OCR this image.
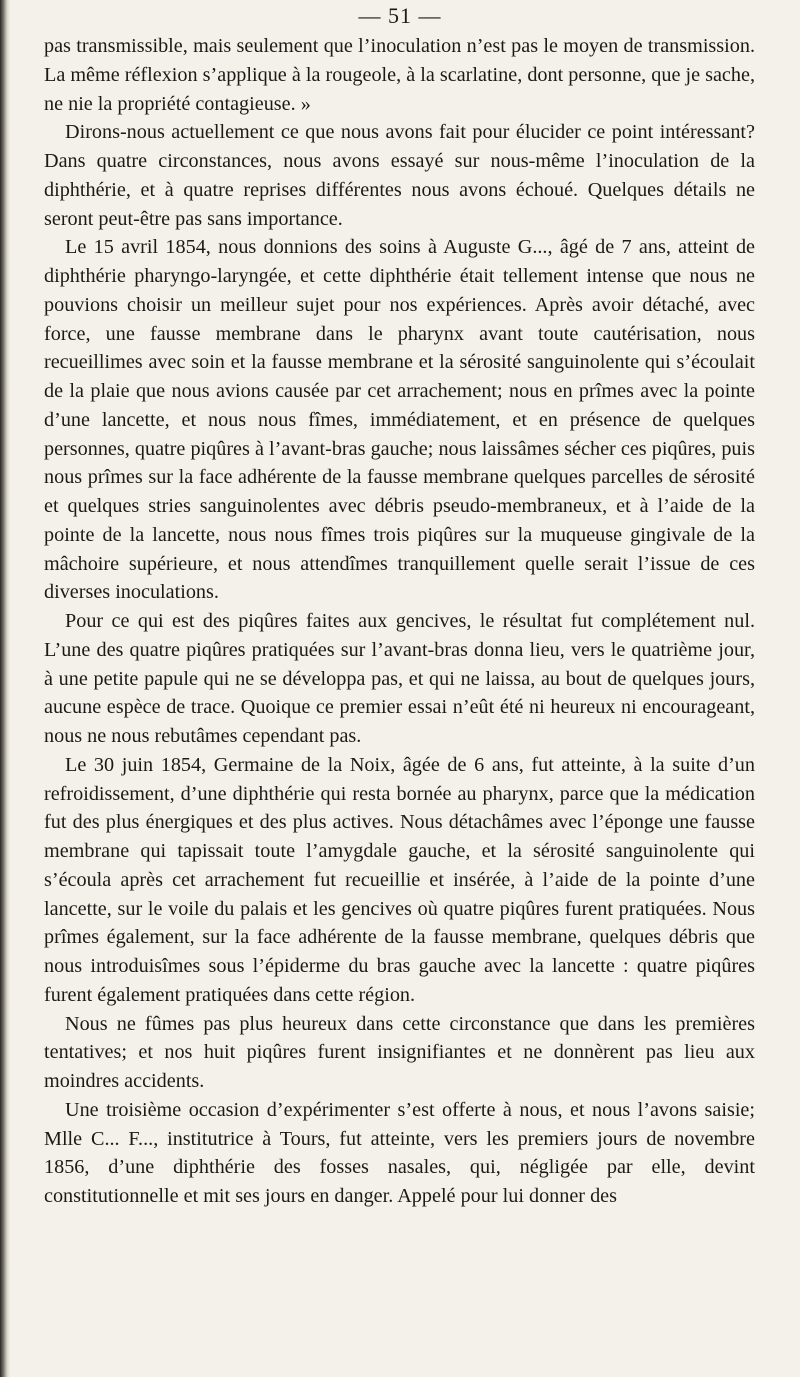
— 51 —

pas transmissible, mais seulement que l’inoculation n’est pas le moyen de transmission. La même réflexion s’applique à la rougeole, à la scarlatine, dont personne, que je sache, ne nie la propriété contagieuse. »

Dirons-nous actuellement ce que nous avons fait pour élucider ce point intéressant? Dans quatre circonstances, nous avons essayé sur nous-même l’inoculation de la diphthérie, et à quatre reprises différentes nous avons échoué. Quelques détails ne seront peut-être pas sans importance.

Le 15 avril 1854, nous donnions des soins à Auguste G..., âgé de 7 ans, atteint de diphthérie pharyngo-laryngée, et cette diphthérie était tellement intense que nous ne pouvions choisir un meilleur sujet pour nos expériences. Après avoir détaché, avec force, une fausse membrane dans le pharynx avant toute cautérisation, nous recueillimes avec soin et la fausse membrane et la sérosité sanguinolente qui s’écoulait de la plaie que nous avions causée par cet arrachement; nous en prîmes avec la pointe d’une lancette, et nous nous fîmes, immédiatement, et en présence de quelques personnes, quatre piqûres à l’avant-bras gauche; nous laissâmes sécher ces piqûres, puis nous prîmes sur la face adhérente de la fausse membrane quelques parcelles de sérosité et quelques stries sanguinolentes avec débris pseudo-membraneux, et à l’aide de la pointe de la lancette, nous nous fîmes trois piqûres sur la muqueuse gingivale de la mâchoire supérieure, et nous attendîmes tranquillement quelle serait l’issue de ces diverses inoculations.

Pour ce qui est des piqûres faites aux gencives, le résultat fut complétement nul. L’une des quatre piqûres pratiquées sur l’avant-bras donna lieu, vers le quatrième jour, à une petite papule qui ne se développa pas, et qui ne laissa, au bout de quelques jours, aucune espèce de trace. Quoique ce premier essai n’eût été ni heureux ni encourageant, nous ne nous rebutâmes cependant pas.

Le 30 juin 1854, Germaine de la Noix, âgée de 6 ans, fut atteinte, à la suite d’un refroidissement, d’une diphthérie qui resta bornée au pharynx, parce que la médication fut des plus énergiques et des plus actives. Nous détachâmes avec l’éponge une fausse membrane qui tapissait toute l’amygdale gauche, et la sérosité sanguinolente qui s’écoula après cet arrachement fut recueillie et insérée, à l’aide de la pointe d’une lancette, sur le voile du palais et les gencives où quatre piqûres furent pratiquées. Nous prîmes également, sur la face adhérente de la fausse membrane, quelques débris que nous introduisîmes sous l’épiderme du bras gauche avec la lancette : quatre piqûres furent également pratiquées dans cette région.

Nous ne fûmes pas plus heureux dans cette circonstance que dans les premières tentatives; et nos huit piqûres furent insignifiantes et ne donnèrent pas lieu aux moindres accidents.

Une troisième occasion d’expérimenter s’est offerte à nous, et nous l’avons saisie; Mlle C... F..., institutrice à Tours, fut atteinte, vers les premiers jours de novembre 1856, d’une diphthérie des fosses nasales, qui, négligée par elle, devint constitutionnelle et mit ses jours en danger. Appelé pour lui donner des
